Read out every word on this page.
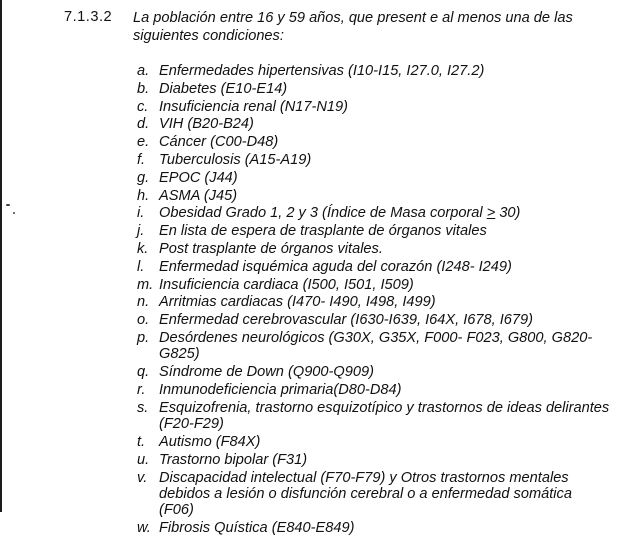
7.1.3.2 La población entre 16 y 59 años, que present e al menos una de las siguientes condiciones:
a. Enfermedades hipertensivas (I10-I15, I27.0, I27.2)
b. Diabetes (E10-E14)
c. Insuficiencia renal (N17-N19)
d. VIH (B20-B24)
e. Cáncer (C00-D48)
f. Tuberculosis (A15-A19)
g. EPOC (J44)
h. ASMA (J45)
i. Obesidad Grado 1, 2 y 3 (Índice de Masa corporal ≥ 30)
j. En lista de espera de trasplante de órganos vitales
k. Post trasplante de órganos vitales.
l. Enfermedad isquémica aguda del corazón (I248- I249)
m. Insuficiencia cardiaca (I500, I501, I509)
n. Arritmias cardiacas (I470- I490, I498, I499)
o. Enfermedad cerebrovascular (I630-I639, I64X, I678, I679)
p. Desórdenes neurológicos (G30X, G35X, F000- F023, G800, G820-G825)
q. Síndrome de Down (Q900-Q909)
r. Inmunodeficiencia primaria(D80-D84)
s. Esquizofrenia, trastorno esquizotípico y trastornos de ideas delirantes (F20-F29)
t. Autismo (F84X)
u. Trastorno bipolar (F31)
v. Discapacidad intelectual (F70-F79) y Otros trastornos mentales debidos a lesión o disfunción cerebral o a enfermedad somática (F06)
w. Fibrosis Quística (E840-E849)
